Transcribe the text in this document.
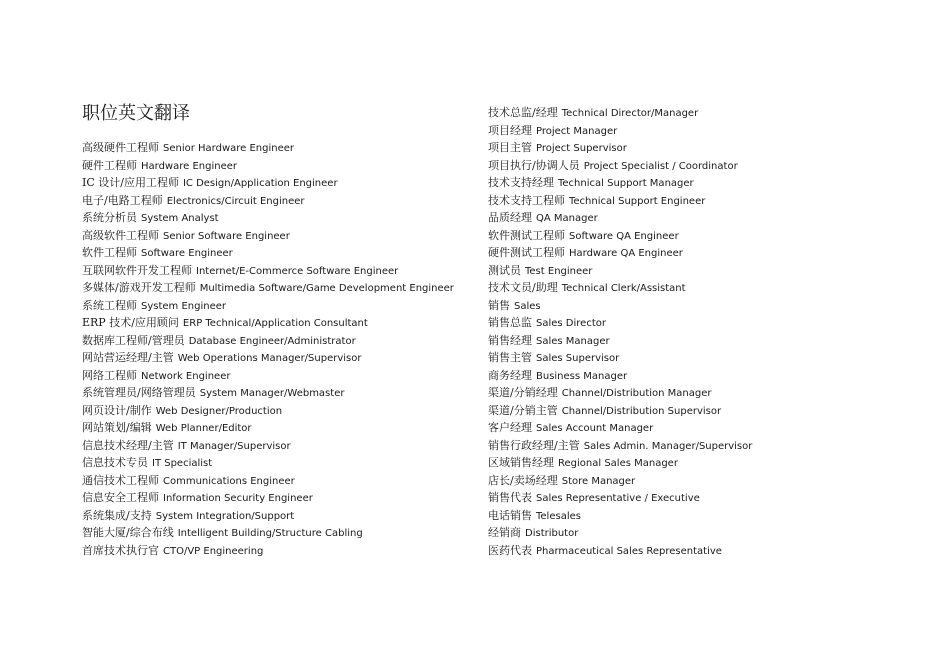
职位英文翻译
高级硬件工程师 Senior Hardware Engineer
硬件工程师 Hardware Engineer
IC 设计/应用工程师 IC Design/Application Engineer
电子/电路工程师 Electronics/Circuit Engineer
系统分析员 System Analyst
高级软件工程师 Senior Software Engineer
软件工程师 Software Engineer
互联网软件开发工程师 Internet/E-Commerce Software Engineer
多媒体/游戏开发工程师 Multimedia Software/Game Development Engineer
系统工程师 System Engineer
ERP 技术/应用顾问 ERP Technical/Application Consultant
数据库工程师/管理员 Database Engineer/Administrator
网站营运经理/主管 Web Operations Manager/Supervisor
网络工程师 Network Engineer
系统管理员/网络管理员 System Manager/Webmaster
网页设计/制作 Web Designer/Production
网站策划/编辑 Web Planner/Editor
信息技术经理/主管 IT Manager/Supervisor
信息技术专员 IT Specialist
通信技术工程师 Communications Engineer
信息安全工程师 Information Security Engineer
系统集成/支持 System Integration/Support
智能大厦/综合布线 Intelligent Building/Structure Cabling
首席技术执行官 CTO/VP Engineering
技术总监/经理 Technical Director/Manager
项目经理 Project Manager
项目主管 Project Supervisor
项目执行/协调人员 Project Specialist / Coordinator
技术支持经理 Technical Support Manager
技术支持工程师 Technical Support Engineer
品质经理 QA Manager
软件测试工程师 Software QA Engineer
硬件测试工程师 Hardware QA Engineer
测试员 Test Engineer
技术文员/助理 Technical Clerk/Assistant
销售 Sales
销售总监 Sales Director
销售经理 Sales Manager
销售主管 Sales Supervisor
商务经理 Business Manager
渠道/分销经理 Channel/Distribution Manager
渠道/分销主管 Channel/Distribution Supervisor
客户经理 Sales Account Manager
销售行政经理/主管 Sales Admin. Manager/Supervisor
区域销售经理 Regional Sales Manager
店长/卖场经理 Store Manager
销售代表 Sales Representative / Executive
电话销售 Telesales
经销商 Distributor
医药代表 Pharmaceutical Sales Representative
